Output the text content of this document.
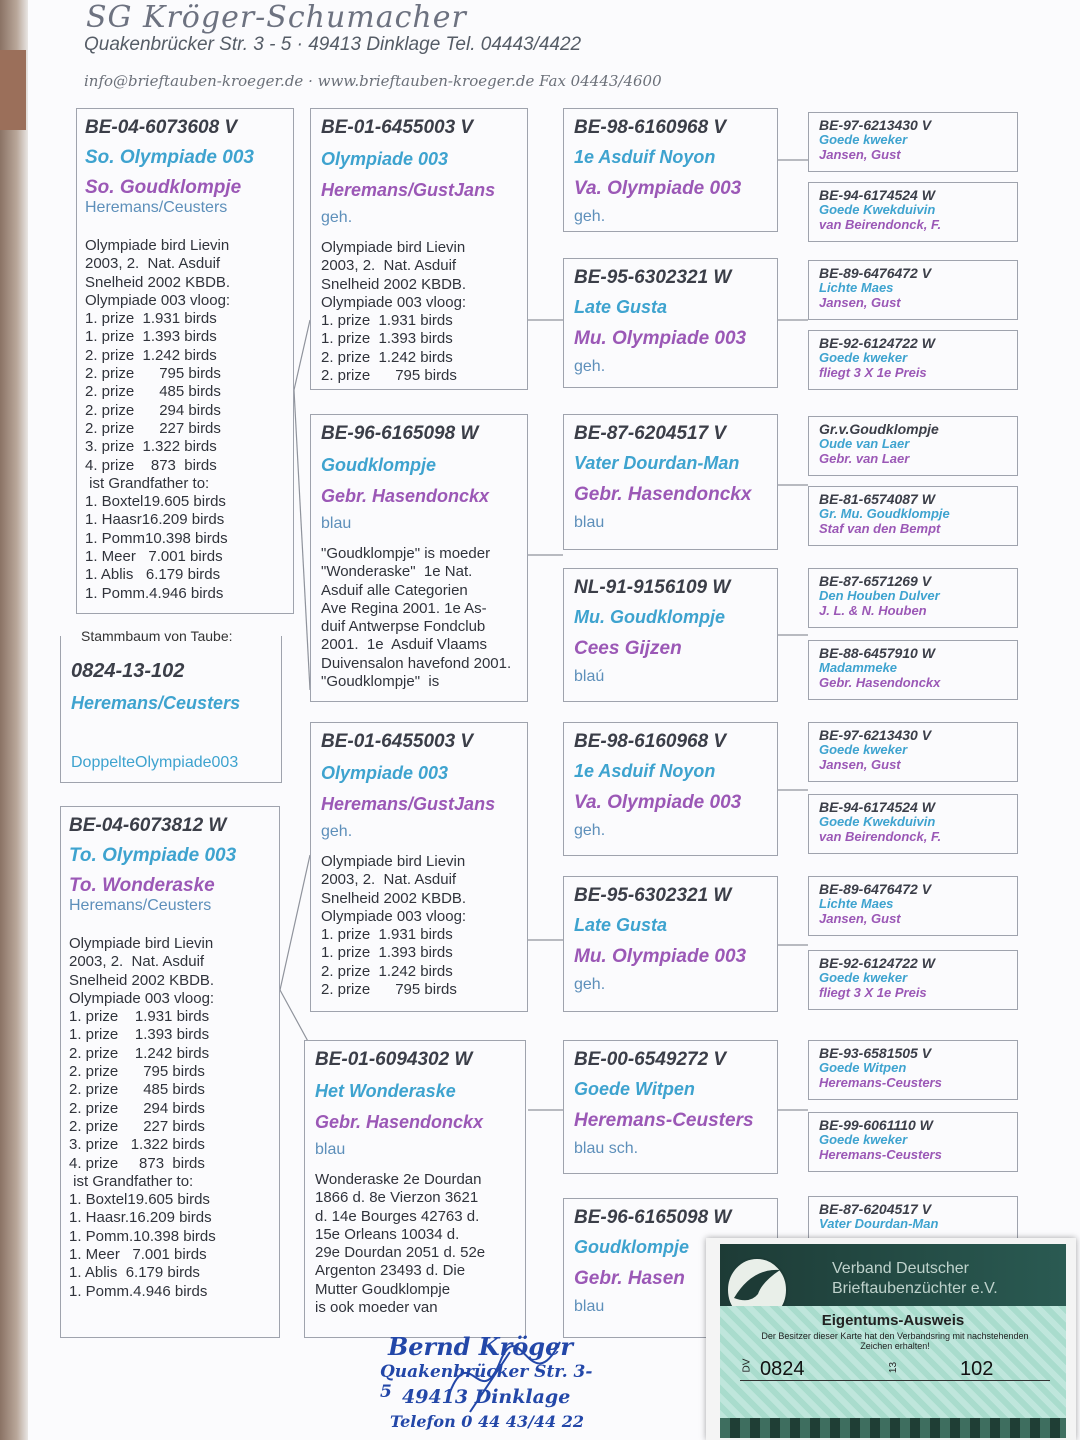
SG Kröger-Schumacher
Quakenbrücker Str. 3 - 5 · 49413 Dinklage Tel. 04443/4422
info@brieftauben-kroeger.de · www.brieftauben-kroeger.de Fax 04443/4600
BE-04-6073608 V
So. Olympiade 003
So. Goudklompje
Heremans/Ceusters
Olympiade bird Lievin
2003, 2.  Nat. Asduif
Snelheid 2002 KBDB.
Olympiade 003 vloog:
1. prize  1.931 birds
1. prize  1.393 birds
2. prize  1.242 birds
2. prize      795 birds
2. prize      485 birds
2. prize      294 birds
2. prize      227 birds
3. prize  1.322 birds
4. prize    873  birds
ist Grandfather to:
1. Boxtel19.605 birds
1. Haasr16.209 birds
1. Pomm10.398 birds
1. Meer   7.001 birds
1. Ablis   6.179 birds
1. Pomm.4.946 birds
Stammbaum von Taube:
0824-13-102
Heremans/Ceusters
DoppelteOlympiade003
BE-04-6073812 W
To. Olympiade 003
To. Wonderaske
Heremans/Ceusters
Olympiade bird Lievin
2003, 2.  Nat. Asduif
Snelheid 2002 KBDB.
Olympiade 003 vloog:
1. prize    1.931 birds
1. prize    1.393 birds
2. prize    1.242 birds
2. prize      795 birds
2. prize      485 birds
2. prize      294 birds
2. prize      227 birds
3. prize   1.322 birds
4. prize     873  birds
ist Grandfather to:
1. Boxtel19.605 birds
1. Haasr.16.209 birds
1. Pomm.10.398 birds
1. Meer   7.001 birds
1. Ablis  6.179 birds
1. Pomm.4.946 birds
BE-01-6455003 V
Olympiade 003
Heremans/GustJans
geh.
Olympiade bird Lievin
2003, 2.  Nat. Asduif
Snelheid 2002 KBDB.
Olympiade 003 vloog:
1. prize  1.931 birds
1. prize  1.393 birds
2. prize  1.242 birds
2. prize      795 birds
BE-96-6165098 W
Goudklompje
Gebr. Hasendonckx
blau
"Goudklompje" is moeder
"Wonderaske"  1e Nat.
Asduif alle Categorien
Ave Regina 2001. 1e As-
duif Antwerpse Fondclub
2001.  1e  Asduif Vlaams
Duivensalon havefond 2001.
"Goudklompje"  is
BE-01-6455003 V
Olympiade 003
Heremans/GustJans
geh.
Olympiade bird Lievin
2003, 2.  Nat. Asduif
Snelheid 2002 KBDB.
Olympiade 003 vloog:
1. prize  1.931 birds
1. prize  1.393 birds
2. prize  1.242 birds
2. prize      795 birds
BE-01-6094302 W
Het Wonderaske
Gebr. Hasendonckx
blau
Wonderaske 2e Dourdan
1866 d. 8e Vierzon 3621
d. 14e Bourges 42763 d.
15e Orleans 10034 d.
29e Dourdan 2051 d. 52e
Argenton 23493 d. Die
Mutter Goudklompje
is ook moeder van
BE-98-6160968 V
1e Asduif Noyon
Va. Olympiade 003
geh.
BE-95-6302321 W
Late Gusta
Mu. Olympiade 003
geh.
BE-87-6204517 V
Vater Dourdan-Man
Gebr. Hasendonckx
blau
NL-91-9156109 W
Mu. Goudklompje
Cees Gijzen
blaú
BE-98-6160968 V
1e Asduif Noyon
Va. Olympiade 003
geh.
BE-95-6302321 W
Late Gusta
Mu. Olympiade 003
geh.
BE-00-6549272 V
Goede Witpen
Heremans-Ceusters
blau sch.
BE-96-6165098 W
Goudklompje
Gebr. Hasen
blau
BE-97-6213430 V
Goede kweker
Jansen, Gust
BE-94-6174524 W
Goede Kwekduivin
van Beirendonck, F.
BE-89-6476472 V
Lichte Maes
Jansen, Gust
BE-92-6124722 W
Goede kweker
fliegt 3 X 1e Preis
Gr.v.Goudklompje
Oude van Laer
Gebr. van Laer
BE-81-6574087 W
Gr. Mu. Goudklompje
Staf van den Bempt
BE-87-6571269 V
Den Houben Dulver
J. L. & N. Houben
BE-88-6457910 W
Madammeke
Gebr. Hasendonckx
BE-97-6213430 V
Goede kweker
Jansen, Gust
BE-94-6174524 W
Goede Kwekduivin
van Beirendonck, F.
BE-89-6476472 V
Lichte Maes
Jansen, Gust
BE-92-6124722 W
Goede kweker
fliegt 3 X 1e Preis
BE-93-6581505 V
Goede Witpen
Heremans-Ceusters
BE-99-6061110 W
Goede kweker
Heremans-Ceusters
BE-87-6204517 V
Vater Dourdan-Man
Bernd Kröger
Quakenbrücker Str. 3-5 49413 Dinklage
Telefon 0 44 43/44 22
Verband Deutscher
Brieftaubenzüchter e.V.
Eigentums-Ausweis
Der Besitzer dieser Karte hat den Verbandsring mit nachstehenden Zeichen erhalten!
DV 0824	13	102
